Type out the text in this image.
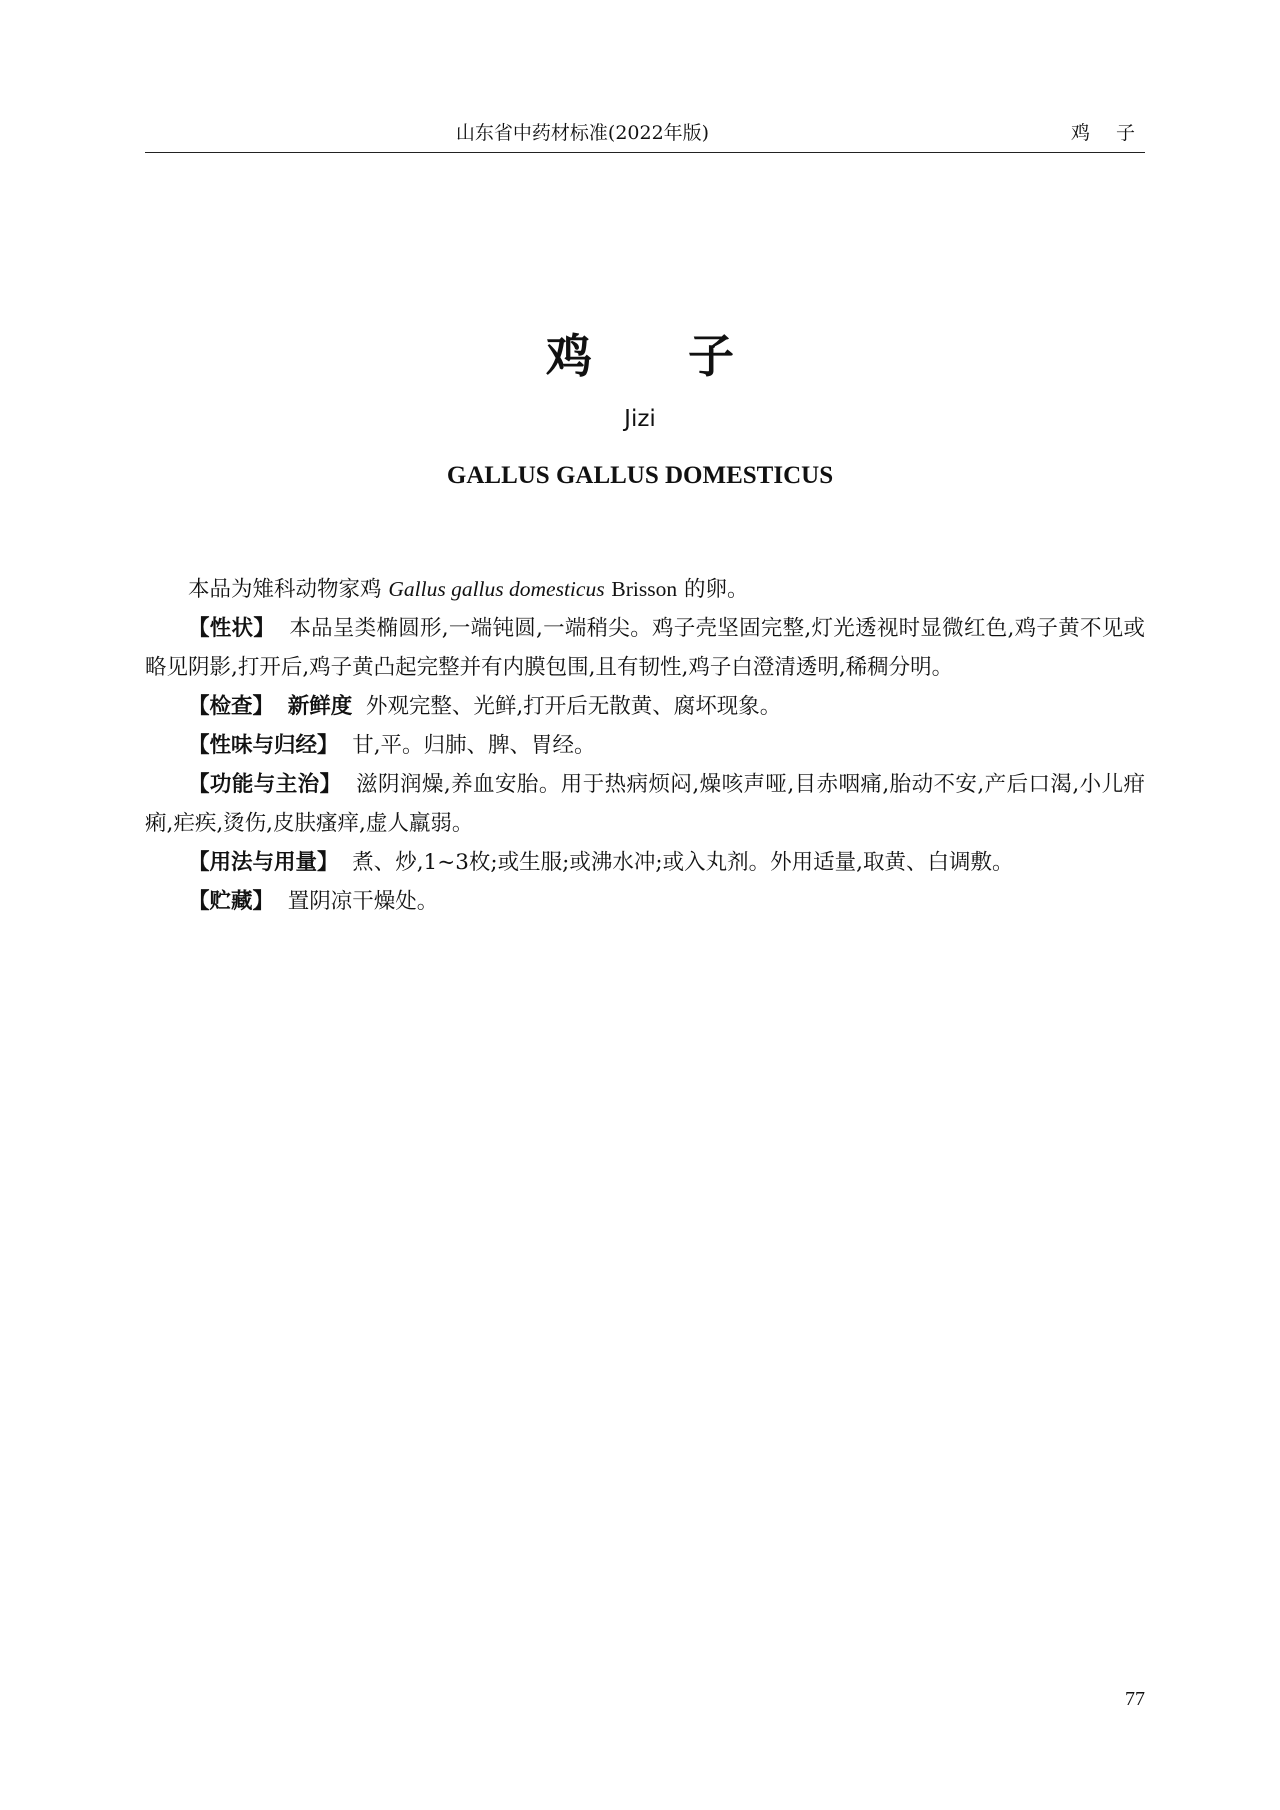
山东省中药材标准(2022年版)	鸡 子
鸡 子
Jizi
GALLUS GALLUS DOMESTICUS

本品为雉科动物家鸡 Gallus gallus domesticus Brisson 的卵。

【性状】 本品呈类椭圆形,一端钝圆,一端稍尖。鸡子壳坚固完整,灯光透视时显微红色,鸡子黄不见或略见阴影,打开后,鸡子黄凸起完整并有内膜包围,且有韧性,鸡子白澄清透明,稀稠分明。

【检查】 新鲜度 外观完整、光鲜,打开后无散黄、腐坏现象。

【性味与归经】 甘,平。归肺、脾、胃经。

【功能与主治】 滋阴润燥,养血安胎。用于热病烦闷,燥咳声哑,目赤咽痛,胎动不安,产后口渴,小儿疳痢,疟疾,烫伤,皮肤瘙痒,虚人羸弱。

【用法与用量】 煮、炒,1~3枚;或生服;或沸水冲;或入丸剂。外用适量,取黄、白调敷。

【贮藏】 置阴凉干燥处。

77
